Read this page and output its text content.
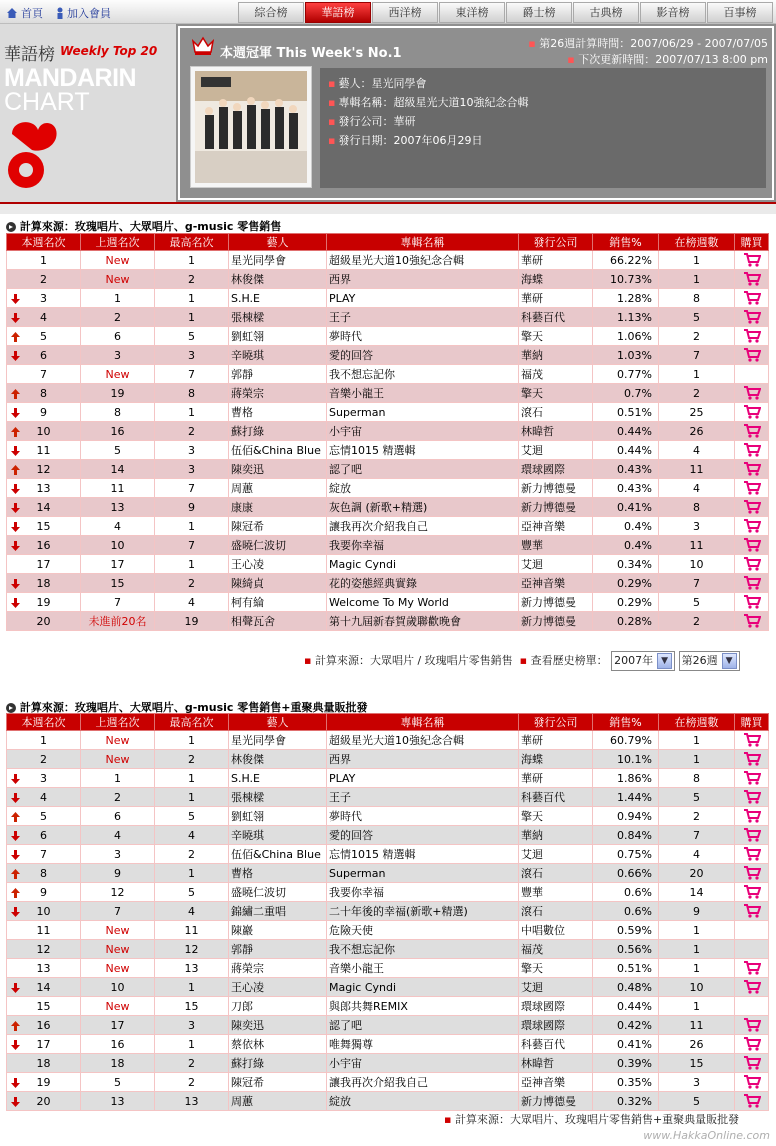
首頁 加入會員	綜合榜	華語榜	西洋榜	東洋榜	爵士榜	古典榜	影音榜	百事榜
華語榜 Weekly Top 20
MANDARIN
CHART
本週冠軍 This Week's No.1
▪ 第26週計算時間：2007/06/29 - 2007/07/05
▪ 下次更新時間：2007/07/13 8:00 pm
▪ 藝人：星光同學會
▪ 專輯名稱：超級星光大道10強紀念合輯
▪ 發行公司：華研
▪ 發行日期：2007年06月29日
計算來源：玫瑰唱片、大眾唱片、g-music 零售銷售
本週名次	上週名次	最高名次	藝人	專輯名稱	發行公司	銷售%	在榜週數	購買
1	New	1	星光同學會	超級星光大道10強紀念合輯	華研	66.22%	1	
2	New	2	林俊傑	西界	海蝶	10.73%	1	

3	1	1	S.H.E	PLAY	華研	1.28%	8	

4	2	1	張棟樑	王子	科藝百代	1.13%	5	

5	6	5	劉虹翎	夢時代	擎天	1.06%	2	

6	3	3	辛曉琪	愛的回答	華納	1.03%	7	
7	New	7	郭靜	我不想忘記你	福茂	0.77%	1	

8	19	8	蔣榮宗	音樂小龍王	擎天	0.7%	2	

9	8	1	曹格	Superman	滾石	0.51%	25	

10	16	2	蘇打綠	小宇宙	林暐哲	0.44%	26	

11	5	3	伍佰&China Blue	忘情1015 精選輯	艾迴	0.44%	4	

12	14	3	陳奕迅	認了吧	環球國際	0.43%	11	

13	11	7	周蕙	綻放	新力博德曼	0.43%	4	

14	13	9	康康	灰色調 (新歌+精選)	新力博德曼	0.41%	8	

15	4	1	陳冠希	讓我再次介紹我自己	亞神音樂	0.4%	3	

16	10	7	盛曉仁波切	我要你幸福	豐華	0.4%	11	
17	17	1	王心凌	Magic Cyndi	艾迴	0.34%	10	

18	15	2	陳綺貞	花的姿態經典實錄	亞神音樂	0.29%	7	

19	7	4	柯有綸	Welcome To My World	新力博德曼	0.29%	5	
20	未進前20名	19	相聲瓦舍	第十九屆新春賀歲聯歡晚會	新力博德曼	0.28%	2	
▪ 計算來源：大眾唱片 / 玫瑰唱片零售銷售 ▪ 查看歷史榜單： 2007年 ▼ 第26週 ▼
計算來源：玫瑰唱片、大眾唱片、g-music 零售銷售+重聚典量販批發
本週名次	上週名次	最高名次	藝人	專輯名稱	發行公司	銷售%	在榜週數	購買
1	New	1	星光同學會	超級星光大道10強紀念合輯	華研	60.79%	1	
2	New	2	林俊傑	西界	海蝶	10.1%	1	

3	1	1	S.H.E	PLAY	華研	1.86%	8	

4	2	1	張棟樑	王子	科藝百代	1.44%	5	

5	6	5	劉虹翎	夢時代	擎天	0.94%	2	

6	4	4	辛曉琪	愛的回答	華納	0.84%	7	

7	3	2	伍佰&China Blue	忘情1015 精選輯	艾迴	0.75%	4	

8	9	1	曹格	Superman	滾石	0.66%	20	

9	12	5	盛曉仁波切	我要你幸福	豐華	0.6%	14	

10	7	4	錦繡二重唱	二十年後的幸福(新歌+精選)	滾石	0.6%	9	
11	New	11	陳巖	危險天使	中唱數位	0.59%	1	
12	New	12	郭靜	我不想忘記你	福茂	0.56%	1	
13	New	13	蔣榮宗	音樂小龍王	擎天	0.51%	1	

14	10	1	王心凌	Magic Cyndi	艾迴	0.48%	10	
15	New	15	刀郎	與郎共舞REMIX	環球國際	0.44%	1	

16	17	3	陳奕迅	認了吧	環球國際	0.42%	11	

17	16	1	蔡依林	唯舞獨尊	科藝百代	0.41%	26	
18	18	2	蘇打綠	小宇宙	林暐哲	0.39%	15	

19	5	2	陳冠希	讓我再次介紹我自己	亞神音樂	0.35%	3	

20	13	13	周蕙	綻放	新力博德曼	0.32%	5	
▪ 計算來源：大眾唱片、玫瑰唱片零售銷售+重聚典量販批發
www.HakkaOnline.com
